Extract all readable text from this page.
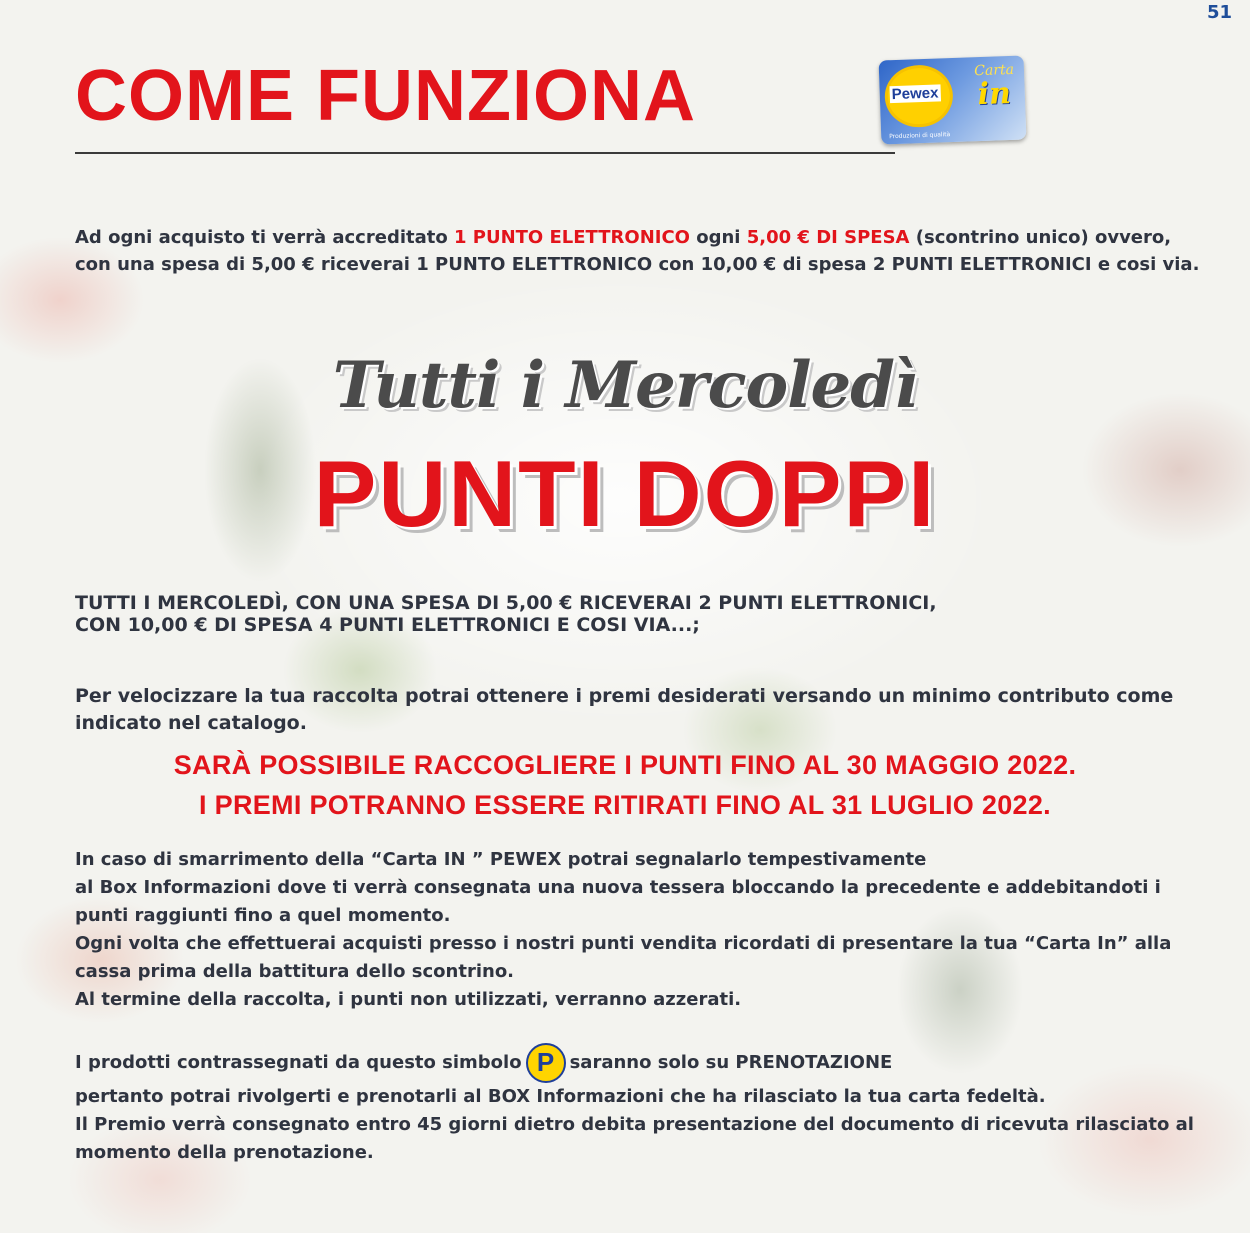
51
COME FUNZIONA	Pewex
Carta
in
Produzioni di qualità

Ad ogni acquisto ti verrà accreditato 1 PUNTO ELETTRONICO ogni 5,00 € DI SPESA (scontrino unico) ovvero, con una spesa di 5,00 € riceverai 1 PUNTO ELETTRONICO con 10,00 € di spesa 2 PUNTI ELETTRONICI e cosi via.

Tutti i Mercoledì
PUNTI DOPPI

TUTTI I MERCOLEDÌ, CON UNA SPESA DI 5,00 € RICEVERAI 2 PUNTI ELETTRONICI,
CON 10,00 € DI SPESA 4 PUNTI ELETTRONICI E COSI VIA...;

Per velocizzare la tua raccolta potrai ottenere i premi desiderati versando un minimo contributo come indicato nel catalogo.

SARÀ POSSIBILE RACCOGLIERE I PUNTI FINO AL 30 MAGGIO 2022.

I PREMI POTRANNO ESSERE RITIRATI FINO AL 31 LUGLIO 2022.

In caso di smarrimento della “Carta IN ” PEWEX potrai segnalarlo tempestivamente
al Box Informazioni dove ti verrà consegnata una nuova tessera bloccando la precedente e addebitandoti i punti raggiunti fino a quel momento.
Ogni volta che effettuerai acquisti presso i nostri punti vendita ricordati di presentare la tua “Carta In” alla cassa prima della battitura dello scontrino.
Al termine della raccolta, i punti non utilizzati, verranno azzerati.

I prodotti contrassegnati da questo simbolo P saranno solo su PRENOTAZIONE
pertanto potrai rivolgerti e prenotarli al BOX Informazioni che ha rilasciato la tua carta fedeltà.
Il Premio verrà consegnato entro 45 giorni dietro debita presentazione del documento di ricevuta rilasciato al momento della prenotazione.
